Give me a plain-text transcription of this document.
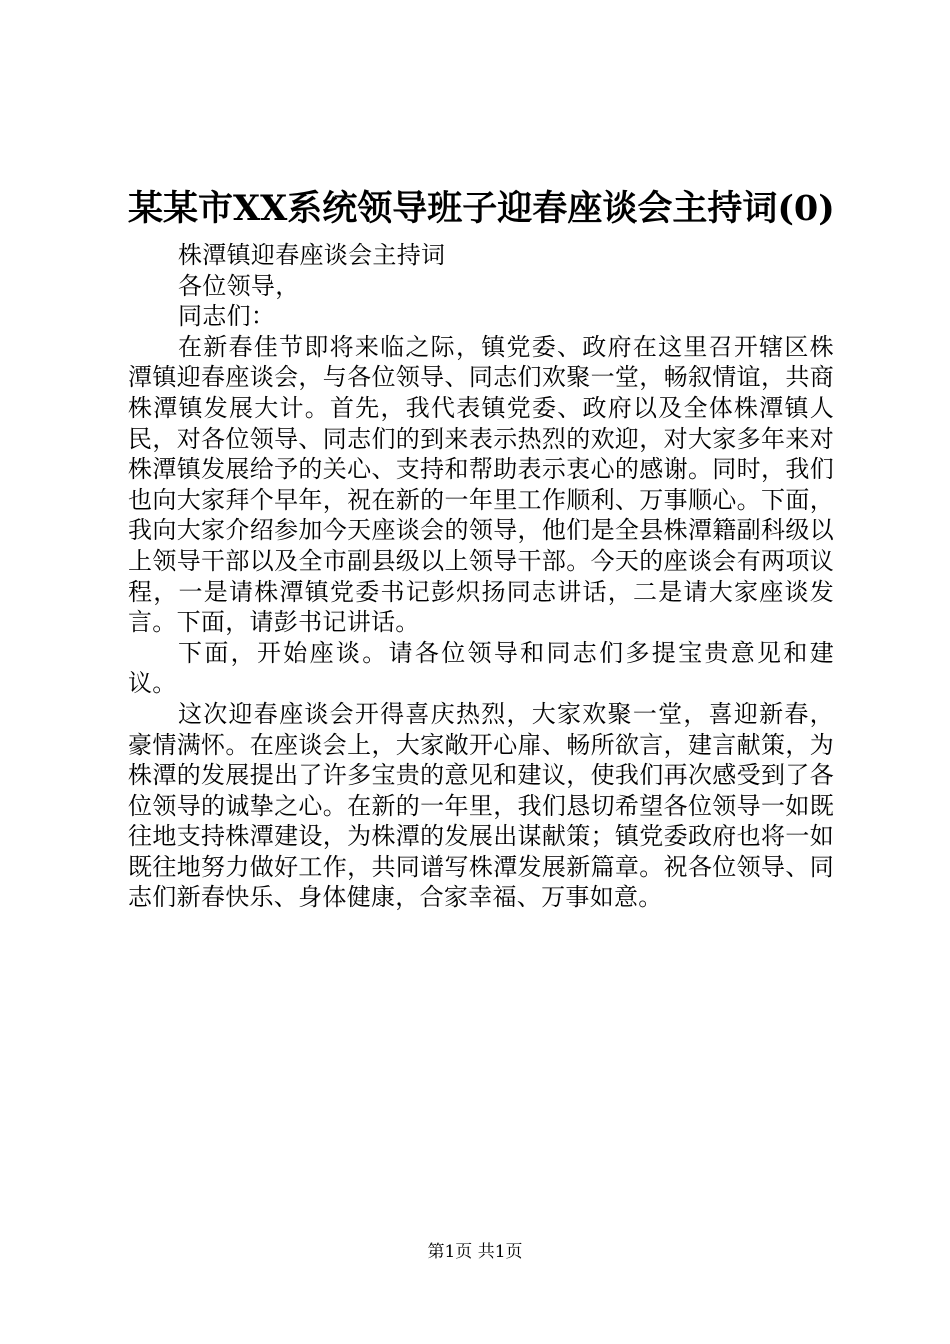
某某市XX系统领导班子迎春座谈会主持词(0)

株潭镇迎春座谈会主持词

各位领导，

同志们：

在新春佳节即将来临之际，镇党委、政府在这里召开辖区株潭镇迎春座谈会，与各位领导、同志们欢聚一堂，畅叙情谊，共商株潭镇发展大计。首先，我代表镇党委、政府以及全体株潭镇人民，对各位领导、同志们的到来表示热烈的欢迎，对大家多年来对株潭镇发展给予的关心、支持和帮助表示衷心的感谢。同时，我们也向大家拜个早年，祝在新的一年里工作顺利、万事顺心。下面，我向大家介绍参加今天座谈会的领导，他们是全县株潭籍副科级以上领导干部以及全市副县级以上领导干部。今天的座谈会有两项议程，一是请株潭镇党委书记彭炽扬同志讲话，二是请大家座谈发言。下面，请彭书记讲话。

下面，开始座谈。请各位领导和同志们多提宝贵意见和建议。

这次迎春座谈会开得喜庆热烈，大家欢聚一堂，喜迎新春，豪情满怀。在座谈会上，大家敞开心扉、畅所欲言，建言献策，为株潭的发展提出了许多宝贵的意见和建议，使我们再次感受到了各位领导的诚挚之心。在新的一年里，我们恳切希望各位领导一如既往地支持株潭建设，为株潭的发展出谋献策；镇党委政府也将一如既往地努力做好工作，共同谱写株潭发展新篇章。祝各位领导、同志们新春快乐、身体健康，合家幸福、万事如意。

第1页 共1页
